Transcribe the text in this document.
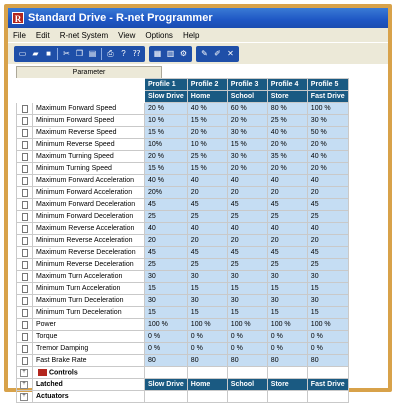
R Standard Drive - R-net Programmer
File	Edit	R-net System	View	Options	Help
▭ ▰ ■	✂ ❐ ▤ ⎙ ? ⁇ ▦ ▥ ⚙ ✎ ✐ ✕
Parameter
		Profile 1	Profile 2	Profile 3	Profile 4	Profile 5
		Slow Drive	Home	School	Store	Fast Drive
	Maximum Forward Speed	20 %	40 %	60 %	80 %	100 %
	Minimum Forward Speed	10 %	15 %	20 %	25 %	30 %
	Maximum Reverse Speed	15 %	20 %	30 %	40 %	50 %
	Minimum Reverse Speed	10%	10 %	15 %	20 %	20 %
	Maximum Turning Speed	20 %	25 %	30 %	35 %	40 %
	Minimum Turning Speed	15 %	15 %	20 %	20 %	20 %
	Maximum Forward Acceleration	40 %	40	40	40	40
	Minimum Forward Acceleration	20%	20	20	20	20
	Maximum Forward Deceleration	45	45	45	45	45
	Minimum Forward Deceleration	25	25	25	25	25
	Maximum Reverse Acceleration	40	40	40	40	40
	Minimum Reverse Acceleration	20	20	20	20	20
	Maximum Reverse Deceleration	45	45	45	45	45
	Minimum Reverse Deceleration	25	25	25	25	25
	Maximum Turn Acceleration	30	30	30	30	30
	Minimum Turn Acceleration	15	15	15	15	15
	Maximum Turn Deceleration	30	30	30	30	30
	Minimum Turn Deceleration	15	15	15	15	15
	Power	100 %	100 %	100 %	100 %	100 %
	Torque	0 %	0 %	0 %	0 %	0 %
	Tremor Damping	0 %	0 %	0 %	0 %	0 %
	Fast Brake Rate	80	80	80	80	80
+	Controls					
+	Latched	Slow Drive	Home	School	Store	Fast Drive
+	Actuators					
